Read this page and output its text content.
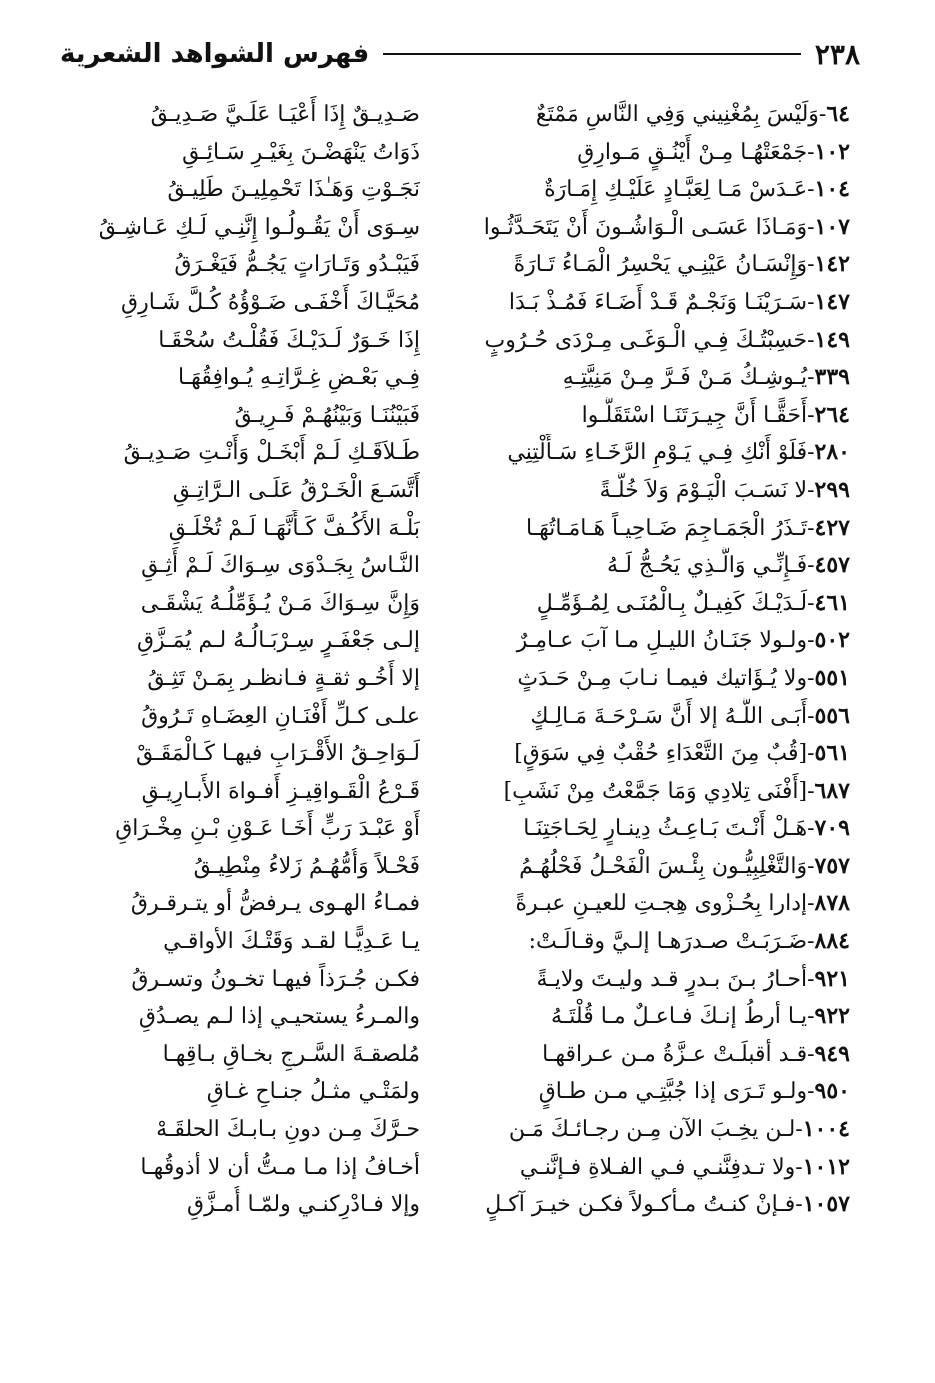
٢٣٨
فهرس الشواهد الشعرية
٦٤-وَلَيْسَ بِمُغْنِيني وَفِي النَّاسِ مَمْتَعٌ
١٠٢-جَمْعَتْهُـا مِـنْ أَيْنُـقٍ مَـوارِقِ
١٠٤-عَـدَسْ مَـا لِعَبَّـادٍ عَلَيْـكِ إِمَـارَةٌ
١٠٧-وَمَـاذَا عَسَـى الْـوَاشُـونَ أَنْ يَتَحَـدَّثُـوا
١٤٢-وَإِنْسَـانُ عَيْنِـي يَحْسِرُ الْمَـاءُ تَـارَةً
١٤٧-سَـرَيْنَـا وَنَجْـمٌ قَـدْ أَضَـاءَ فَمُـذْ بَـدَا
١٤٩-حَسِبْتُـكَ فِـي الْـوَغَـى مِـرْدَى حُـرُوبٍ
٣٣٩-يُـوشِـكُ مَـنْ فَـرَّ مِـنْ مَنِيَّتِـهِ
٢٦٤-أَحَقًّـا أَنَّ جِيـرَتَنَـا اسْتَقَلُّـوا
٢٨٠-فَلَوْ أَنْكِ فِـي يَـوْمِ الرَّخَـاءِ سَـأَلْتِنِي
٢٩٩-لا نَسَـبَ الْيَـوْمَ وَلاَ خُلَّـةً
٤٢٧-تَـذَرُ الْجَمَـاجِمَ ضَـاحِيـاً هَـامَـاتُهَـا
٤٥٧-فَـإِنِّـي وَالَّـذِي يَحُـجُّ لَـهُ
٤٦١-لَـدَيْـكَ كَفِيـلٌ بِـالْمُنَـى لِمُـؤَمِّـلٍ
٥٠٢-ولـولا جَنَـانُ الليـلِ مـا آبَ عـامِـرٌ
٥٥١-ولا يُـؤَاتيك فيمـا نـابَ مِـنْ حَـدَثٍ
٥٥٦-أَبَـى اللَّـهُ إلا أَنَّ سَـرْحَـةَ مَـالِـكٍ
٥٦١-[قُبٌ مِنَ التَّعْدَاءِ حُقْبٌ فِي سَوَقٍ]
٦٨٧-[أَفْنَى تِلادِي وَمَا جَمَّعْتُ مِنْ نَشَبِ]
٧٠٩-هَـلْ أَنْـتَ بَـاعِـثُ دِينـارٍ لِحَـاجَتِنَـا
٧٥٧-وَالتَّغْلِبِيُّـون بِئْـسَ الْفَحْـلُ فَحْلُهُـمُ
٨٧٨-إدارا بِحُـزْوى هِجـتِ للعيـنِ عبـرةً
٨٨٤-ضَـرَبَـتْ صـدرَهـا إلـيَّ وقـالَـتْ:
٩٢١-أحـارُ بـنَ بـدرٍ قـد وليـتَ ولايـةً
٩٢٢-يـا أرطُ إنـكَ فـاعـلٌ مـا قُلْتَـهُ
٩٤٩-قـد أقبلَـتْ عـزَّةُ مـن عـراقهـا
٩٥٠-ولـو تَـرَى إذا جُبَّتِـي مـن طـاقٍ
١٠٠٤-لـن يخِـبَ الآن مِـن رجـائـكَ مَـن
١٠١٢-ولا تـدفِنَّنـي فـي الفـلاةِ فـإنَّنـي
١٠٥٧-فـإنْ كنـتُ مـأكـولاً فكـن خيـرَ آكـلٍ
صَـدِيـقٌ إِذَا أَعْيَـا عَلَـيَّ صَـدِيـقُ
ذَوَاتُ يَنْهَضْـنَ بِغَيْـرِ سَـائِـقِ
نَجَـوْتِ وَهَـٰذَا تَحْمِلِيـنَ طَلِيـقُ
سِـوَى أَنْ يَقُـولُـوا إِنَّنِـي لَـكِ عَـاشِـقُ
فَيَبْـدُو وَتَـارَاتٍ يَجُـمُّ فَيَغْـرَقُ
مُحَيَّـاكَ أَخْفَـى ضَـوْؤُهُ كُـلَّ شَـارِقِ
إِذَا خَـوَرٌ لَـدَيْـكَ فَقُلْـتُ سُحْقَـا
فِـي بَعْـضِ غِـرَّاتِـهِ يُـوافِقُهَـا
فَبَيْنُنَـا وَبَيْنُهُـمْ فَـرِيـقُ
طَـلاَقَـكِ لَـمْ أَبْخَـلْ وَأَنْـتِ صَـدِيـقُ
أَتَّسَـعَ الْخَـرْقُ عَلَـى الـرَّاتِـقِ
بَلْـهَ الأَكُـفَّ كَـأَنَّهَـا لَـمْ تُخْلَـقِ
النَّـاسُ بِجَـدْوَى سِـوَاكَ لَـمْ أَثِـقِ
وَإِنَّ سِـوَاكَ مَـنْ يُـؤَمِّلُـهُ يَشْقَـى
إلـى جَعْفَـرٍ سِـرْبَـالُـهُ لـم يُمَـزَّقِ
إلا أَخُـو ثقـةٍ فـانظـر بِمَـنْ تَثِـقُ
علـى كـلِّ أَفْنَـانِ العِضَـاهِ تَـرُوقُ
لَـوَاحِـقُ الأَقْـرَابِ فيهـا كَـالْمَقَـقْ
قَـرْعُ الْقَـواقِيـزِ أَفـواهَ الأَبـارِيـقِ
أَوْ عَبْـدَ رَبٍّ أَخَـا عَـوْنِ بْـنِ مِخْـرَاقِ
فَحْـلاً وَأُمُّهُـمُ زَلاءُ مِنْطِيـقُ
فمـاءُ الهـوى يـرفضُّ أو يتـرقـرقُ
يـا عَـدِيًّـا لقـد وَقَتْـكَ الأواقـي
فكـن جُـرَذاً فيهـا تخـونُ وتسـرقُ
والمـرءُ يستحيـي إذا لـم يصـدُقِ
مُلصقـةَ السَّـرجِ بخـاقِ بـاقِهـا
ولمَتْـي مثـلُ جنـاحِ غـاقِ
حـرَّكَ مِـن دونِ بـابـكَ الحلقَـهْ
أخـافُ إذا مـا مـتُّ أن لا أذوقُهـا
وإلا فـادْرِكنـي ولمّـا أُمـزَّقِ
